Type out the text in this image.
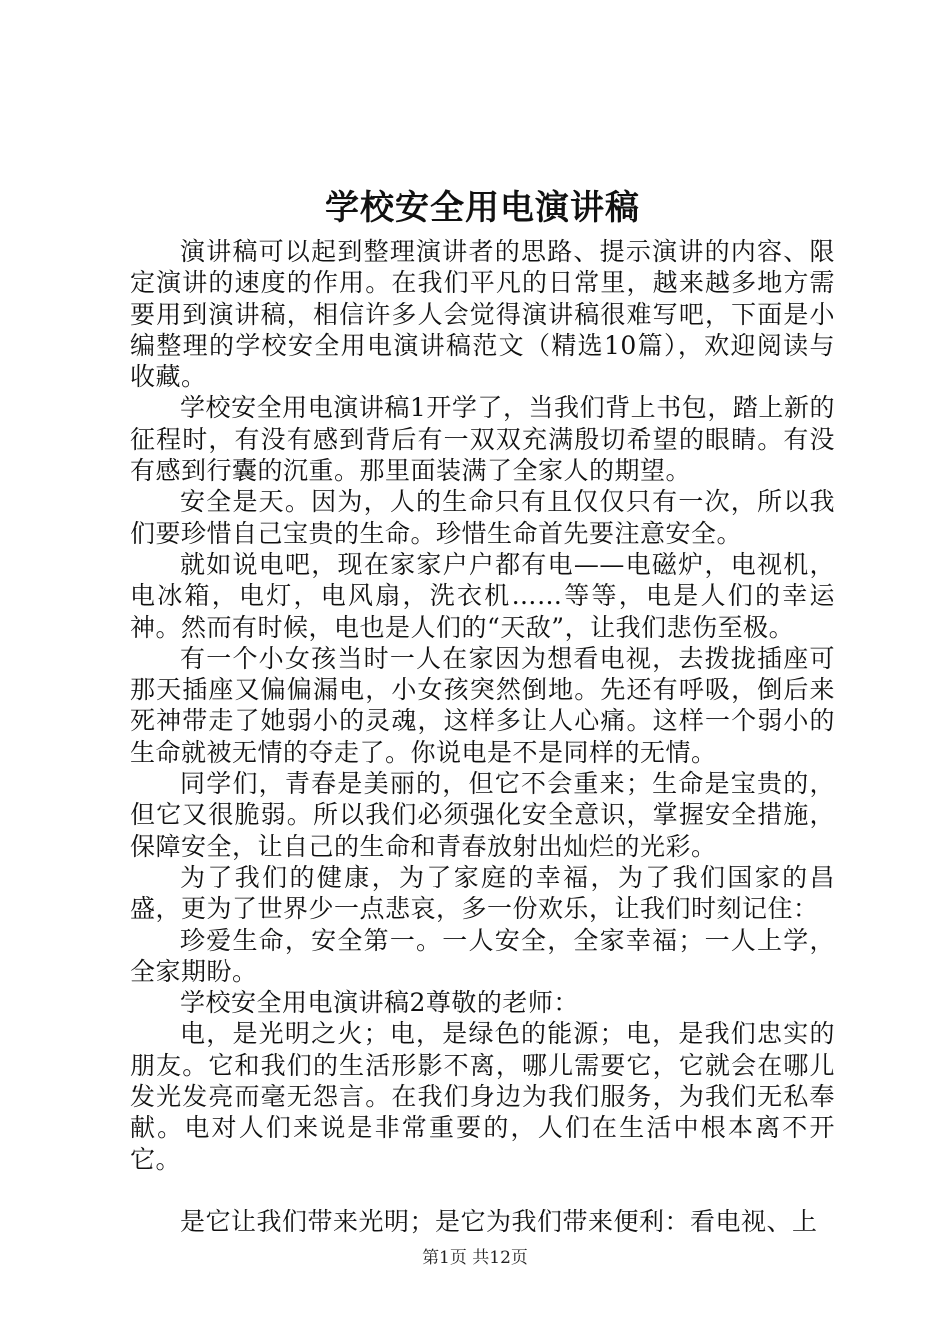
学校安全用电演讲稿

演讲稿可以起到整理演讲者的思路、提示演讲的内容、限定演讲的速度的作用。在我们平凡的日常里，越来越多地方需要用到演讲稿，相信许多人会觉得演讲稿很难写吧，下面是小编整理的学校安全用电演讲稿范文（精选10篇），欢迎阅读与收藏。

学校安全用电演讲稿1开学了，当我们背上书包，踏上新的征程时，有没有感到背后有一双双充满殷切希望的眼睛。有没有感到行囊的沉重。那里面装满了全家人的期望。

安全是天。因为，人的生命只有且仅仅只有一次，所以我们要珍惜自己宝贵的生命。珍惜生命首先要注意安全。

就如说电吧，现在家家户户都有电——电磁炉，电视机，电冰箱，电灯，电风扇，洗衣机……等等，电是人们的幸运神。然而有时候，电也是人们的“天敌”，让我们悲伤至极。

有一个小女孩当时一人在家因为想看电视，去拨拢插座可那天插座又偏偏漏电，小女孩突然倒地。先还有呼吸，倒后来死神带走了她弱小的灵魂，这样多让人心痛。这样一个弱小的生命就被无情的夺走了。你说电是不是同样的无情。

同学们，青春是美丽的，但它不会重来；生命是宝贵的，但它又很脆弱。所以我们必须强化安全意识，掌握安全措施，保障安全，让自己的生命和青春放射出灿烂的光彩。

为了我们的健康，为了家庭的幸福，为了我们国家的昌盛，更为了世界少一点悲哀，多一份欢乐，让我们时刻记住：

珍爱生命，安全第一。一人安全，全家幸福；一人上学，全家期盼。

学校安全用电演讲稿2尊敬的老师：

电，是光明之火；电，是绿色的能源；电，是我们忠实的朋友。它和我们的生活形影不离，哪儿需要它，它就会在哪儿发光发亮而毫无怨言。在我们身边为我们服务，为我们无私奉献。电对人们来说是非常重要的，人们在生活中根本离不开它。

是它让我们带来光明；是它为我们带来便利：看电视、上

第1页 共12页
